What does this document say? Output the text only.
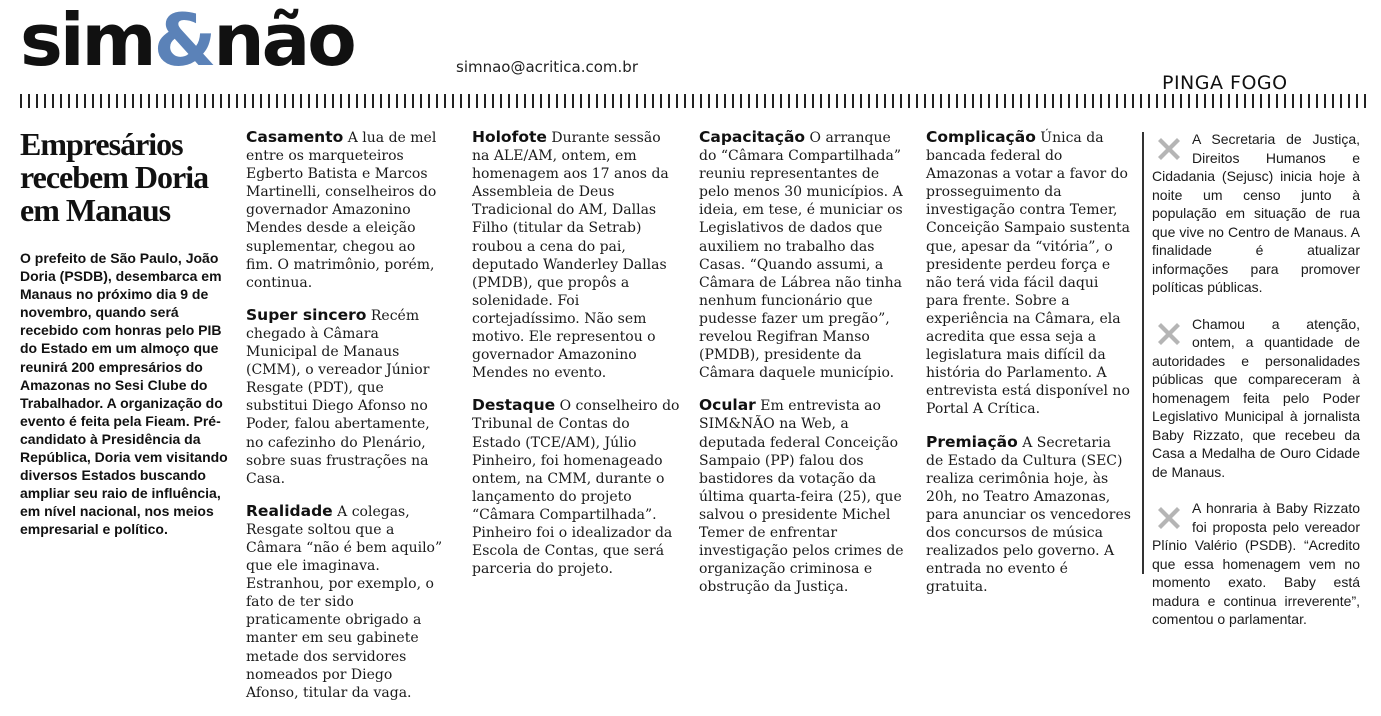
sim&não	simnao@acritica.com.br
PINGA FOGO
Empresários recebem Doria em Manaus

O prefeito de São Paulo, João Doria (PSDB), desembarca em Manaus no próximo dia 9 de novembro, quando será recebido com honras pelo PIB do Estado em um almoço que reunirá 200 empresários do Amazonas no Sesi Clube do Trabalhador. A organização do evento é feita pela Fieam. Pré-candidato à Presidência da República, Doria vem visitando diversos Estados buscando ampliar seu raio de influência, em nível nacional, nos meios empresarial e político.

Casamento A lua de mel entre os marqueteiros Egberto Batista e Marcos Martinelli, conselheiros do governador Amazonino Mendes desde a eleição suplementar, chegou ao fim. O matrimônio, porém, continua.

Super sincero Recém chegado à Câmara Municipal de Manaus (CMM), o vereador Júnior Resgate (PDT), que substitui Diego Afonso no Poder, falou abertamente, no cafezinho do Plenário, sobre suas frustrações na Casa.

Realidade A colegas, Resgate soltou que a Câmara “não é bem aquilo” que ele imaginava. Estranhou, por exemplo, o fato de ter sido praticamente obrigado a manter em seu gabinete metade dos servidores nomeados por Diego Afonso, titular da vaga.

Holofote Durante sessão na ALE/AM, ontem, em homenagem aos 17 anos da Assembleia de Deus Tradicional do AM, Dallas Filho (titular da Setrab) roubou a cena do pai, deputado Wanderley Dallas (PMDB), que propôs a solenidade. Foi cortejadíssimo. Não sem motivo. Ele representou o governador Amazonino Mendes no evento.

Destaque O conselheiro do Tribunal de Contas do Estado (TCE/AM), Júlio Pinheiro, foi homenageado ontem, na CMM, durante o lançamento do projeto “Câmara Compartilhada”. Pinheiro foi o idealizador da Escola de Contas, que será parceria do projeto.

Capacitação O arranque do “Câmara Compartilhada” reuniu representantes de pelo menos 30 municípios. A ideia, em tese, é municiar os Legislativos de dados que auxiliem no trabalho das Casas. “Quando assumi, a Câmara de Lábrea não tinha nenhum funcionário que pudesse fazer um pregão”, revelou Regifran Manso (PMDB), presidente da Câmara daquele município.

Ocular Em entrevista ao SIM&NÃO na Web, a deputada federal Conceição Sampaio (PP) falou dos bastidores da votação da última quarta-feira (25), que salvou o presidente Michel Temer de enfrentar investigação pelos crimes de organização criminosa e obstrução da Justiça.

Complicação Única da bancada federal do Amazonas a votar a favor do prosseguimento da investigação contra Temer, Conceição Sampaio sustenta que, apesar da “vitória”, o presidente perdeu força e não terá vida fácil daqui para frente. Sobre a experiência na Câmara, ela acredita que essa seja a legislatura mais difícil da história do Parlamento. A entrevista está disponível no Portal A Crítica.

Premiação A Secretaria de Estado da Cultura (SEC) realiza cerimônia hoje, às 20h, no Teatro Amazonas, para anunciar os vencedores dos concursos de música realizados pelo governo. A entrada no evento é gratuita.

A Secretaria de Justiça, Direitos Humanos e Cidadania (Sejusc) inicia hoje à noite um censo junto à população em situação de rua que vive no Centro de Manaus. A finalidade é atualizar informações para promover políticas públicas.

Chamou a atenção, ontem, a quantidade de autoridades e personalidades públicas que compareceram à homenagem feita pelo Poder Legislativo Municipal à jornalista Baby Rizzato, que recebeu da Casa a Medalha de Ouro Cidade de Manaus.

A honraria à Baby Rizzato foi proposta pelo vereador Plínio Valério (PSDB). “Acredito que essa homenagem vem no momento exato. Baby está madura e continua irreverente”, comentou o parlamentar.
